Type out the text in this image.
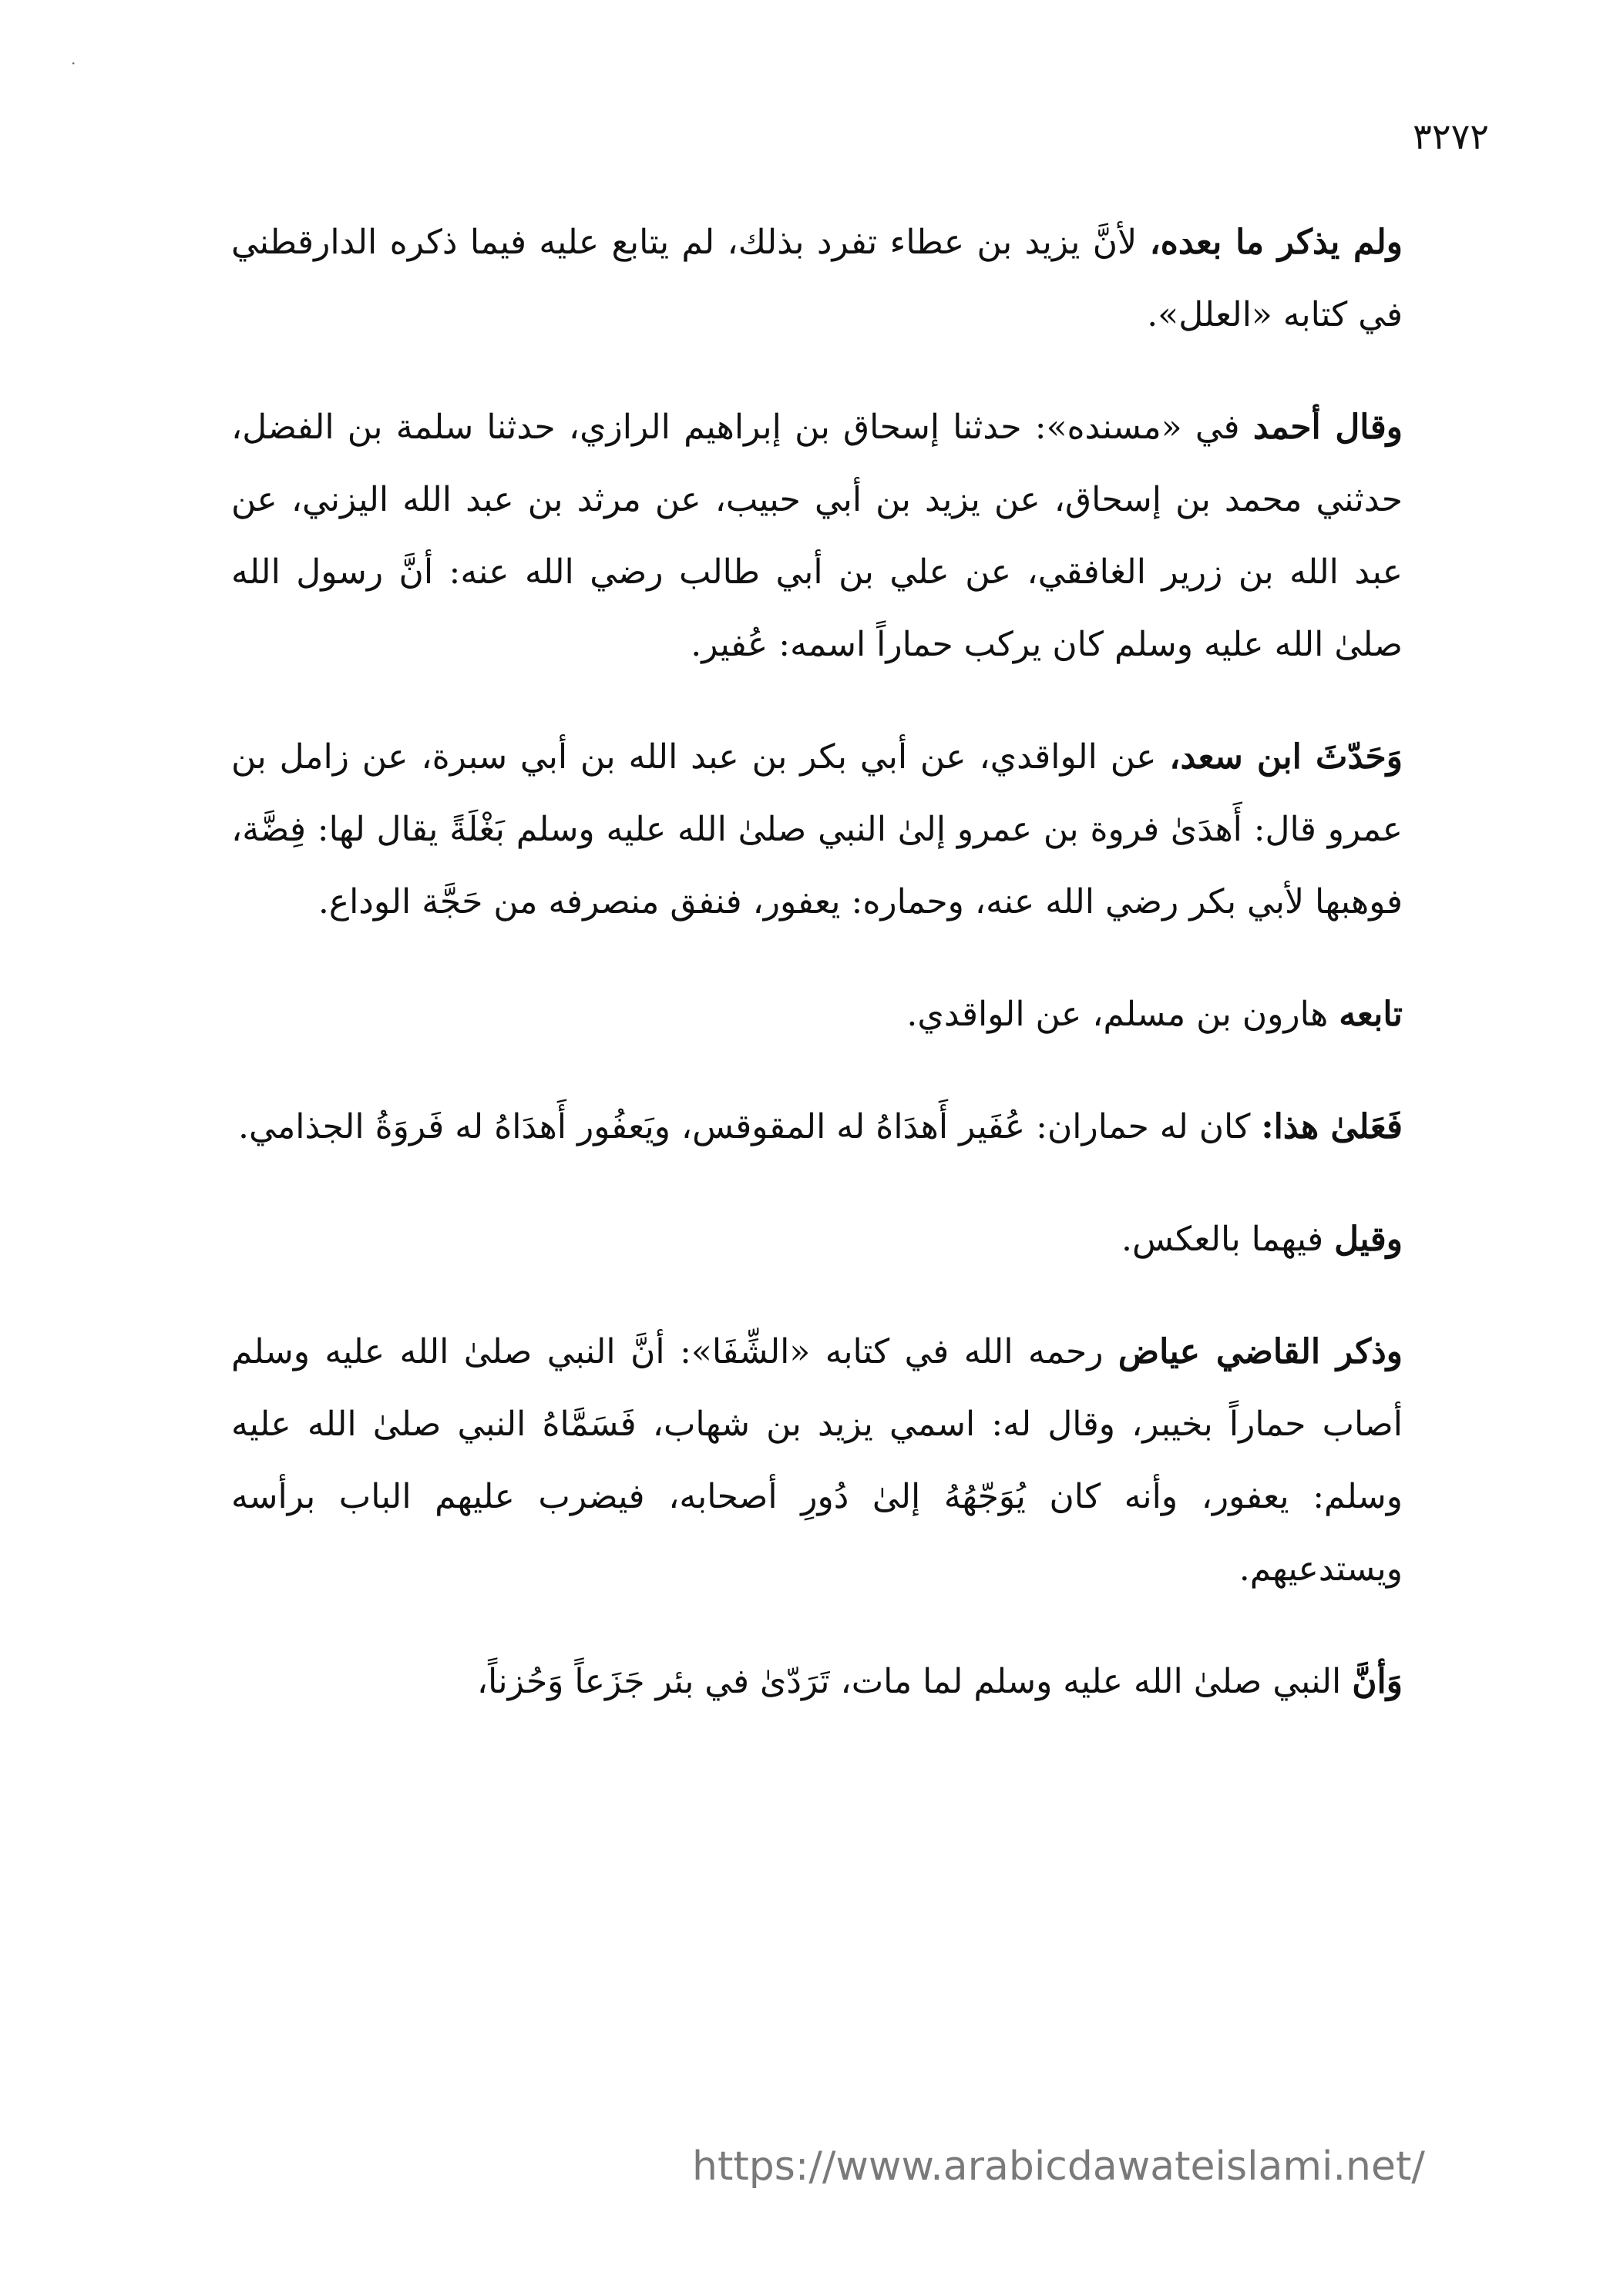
·
٣٢٧٢

ولم يذكر ما بعده، لأنَّ يزيد بن عطاء تفرد بذلك، لم يتابع عليه فيما ذكره الدارقطني في كتابه «العلل».

وقال أحمد في «مسنده»: حدثنا إسحاق بن إبراهيم الرازي، حدثنا سلمة بن الفضل، حدثني محمد بن إسحاق، عن يزيد بن أبي حبيب، عن مرثد بن عبد الله اليزني، عن عبد الله بن زرير الغافقي، عن علي بن أبي طالب رضي الله عنه: أنَّ رسول الله صلىٰ الله عليه وسلم كان يركب حماراً اسمه: عُفير.

وَحَدّثَ ابن سعد، عن الواقدي، عن أبي بكر بن عبد الله بن أبي سبرة، عن زامل بن عمرو قال: أَهدَىٰ فروة بن عمرو إلىٰ النبي صلىٰ الله عليه وسلم بَغْلَةً يقال لها: فِضَّة، فوهبها لأبي بكر رضي الله عنه، وحماره: يعفور، فنفق منصرفه من حَجَّة الوداع.

تابعه هارون بن مسلم، عن الواقدي.

فَعَلىٰ هذا: كان له حماران: عُفَير أَهدَاهُ له المقوقس، ويَعفُور أَهدَاهُ له فَروَةُ الجذامي.

وقيل فيهما بالعكس.

وذكر القاضي عياض رحمه الله في كتابه «الشِّفَا»: أنَّ النبي صلىٰ الله عليه وسلم أصاب حماراً بخيبر، وقال له: اسمي يزيد بن شهاب، فَسَمَّاهُ النبي صلىٰ الله عليه وسلم: يعفور، وأنه كان يُوَجّهُهُ إلىٰ دُورِ أصحابه، فيضرب عليهم الباب برأسه ويستدعيهم.

وَأنَّ النبي صلىٰ الله عليه وسلم لما مات، تَرَدّىٰ في بئر جَزَعاً وَحُزناً،

https://www.arabicdawateislami.net/
